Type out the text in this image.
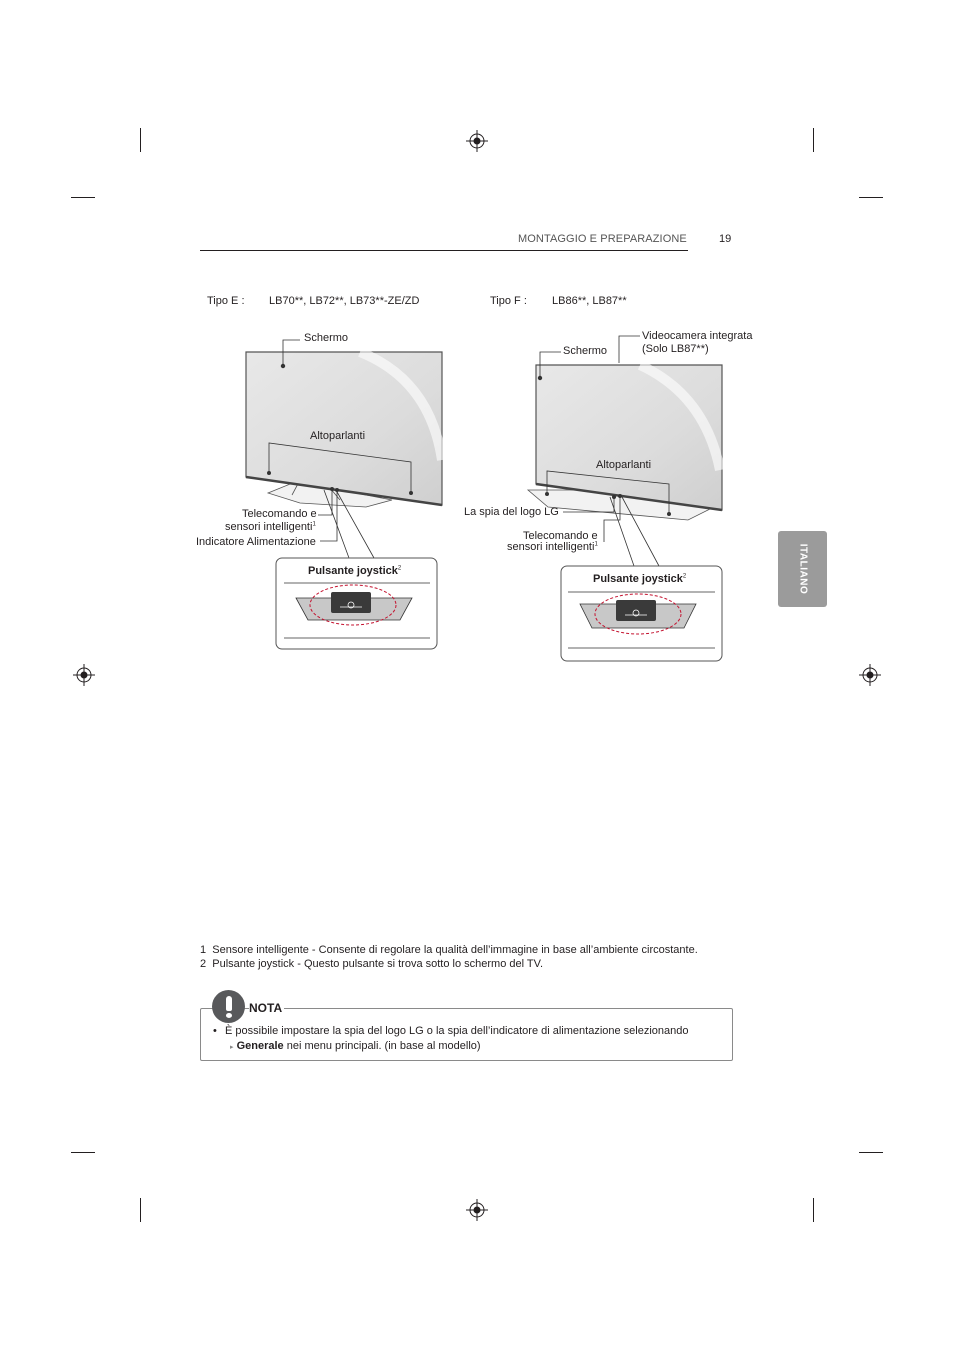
MONTAGGIO E PREPARAZIONE	19
ITALIANO
Tipo E : LB70**, LB72**, LB73**-ZE/ZD	Tipo F : LB86**, LB87**
Schermo
Altoparlanti
Telecomando e
sensori intelligenti$^1$
Indicatore Alimentazione
Pulsante joystick$^2$
Schermo
Videocamera integrata
(Solo LB87**)
Altoparlanti
La spia del logo LG
Telecomando e
sensori intelligenti$^1$
Pulsante joystick$^2$
1 Sensore intelligente - Consente di regolare la qualità dell’immagine in base all’ambiente circostante.
2 Pulsante joystick - Questo pulsante si trova sotto lo schermo del TV.
NOTA
• È possibile impostare la spia del logo LG o la spia dell’indicatore di alimentazione selezionando
▸ Generale nei menu principali. (in base al modello)
